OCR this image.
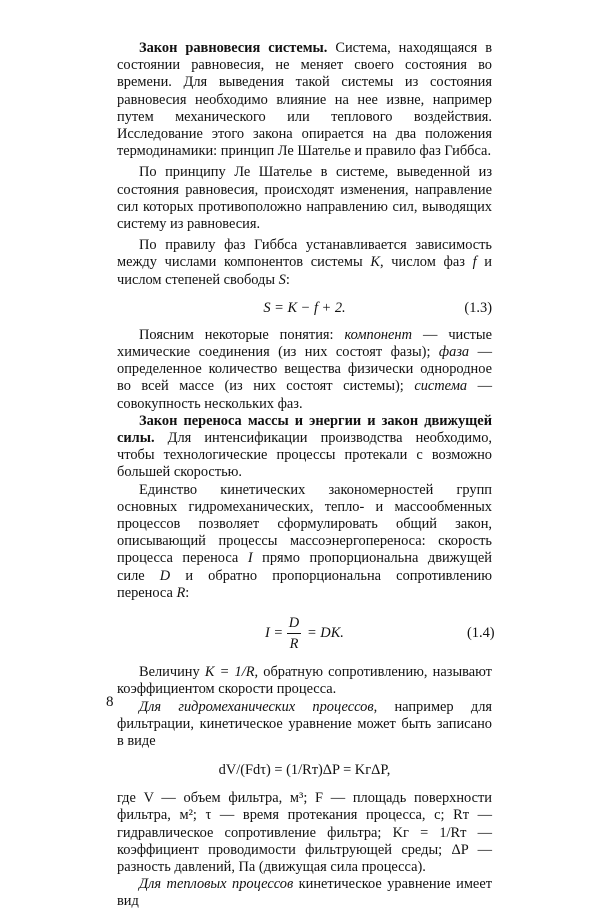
Закон равновесия системы. Система, находящаяся в состоянии равновесия, не меняет своего состояния во времени. Для выведения такой системы из состояния равновесия необходимо влияние на нее извне, например путем механического или теплового воздействия. Исследование этого закона опирается на два положения термодинамики: принцип Ле Шателье и правило фаз Гиббса.

По принципу Ле Шателье в системе, выведенной из состояния равновесия, происходят изменения, направление сил которых противоположно направлению сил, выводящих систему из равновесия.

По правилу фаз Гиббса устанавливается зависимость между числами компонентов системы K, числом фаз f и числом степеней свободы S:

S = K − f + 2.	(1.3)

Поясним некоторые понятия: компонент — чистые химические соединения (из них состоят фазы); фаза — определенное количество вещества физически однородное во всей массе (из них состоят системы); система — совокупность нескольких фаз.

Закон переноса массы и энергии и закон движущей силы. Для интенсификации производства необходимо, чтобы технологические процессы протекали с возможно большей скоростью.

Единство кинетических закономерностей групп основных гидромеханических, тепло- и массообменных процессов позволяет сформулировать общий закон, описывающий процессы массоэнергопереноса: скорость процесса переноса I прямо пропорциональна движущей силе D и обратно пропорциональна сопротивлению переноса R:

I =
D
R
= DK.	(1.4)

Величину K = 1/R, обратную сопротивлению, называют коэффициентом скорости процесса.

Для гидромеханических процессов, например для фильтрации, кинетическое уравнение может быть записано в виде

dV/(Fdτ) = (1/Rт)ΔP = KгΔP,

где V — объем фильтра, м³; F — площадь поверхности фильтра, м²; τ — время протекания процесса, с; Rт — гидравлическое сопротивление фильтра; Kг = 1/Rт — коэффициент проводимости фильтрующей среды; ΔP — разность давлений, Па (движущая сила процесса).

Для тепловых процессов кинетическое уравнение имеет вид

8
